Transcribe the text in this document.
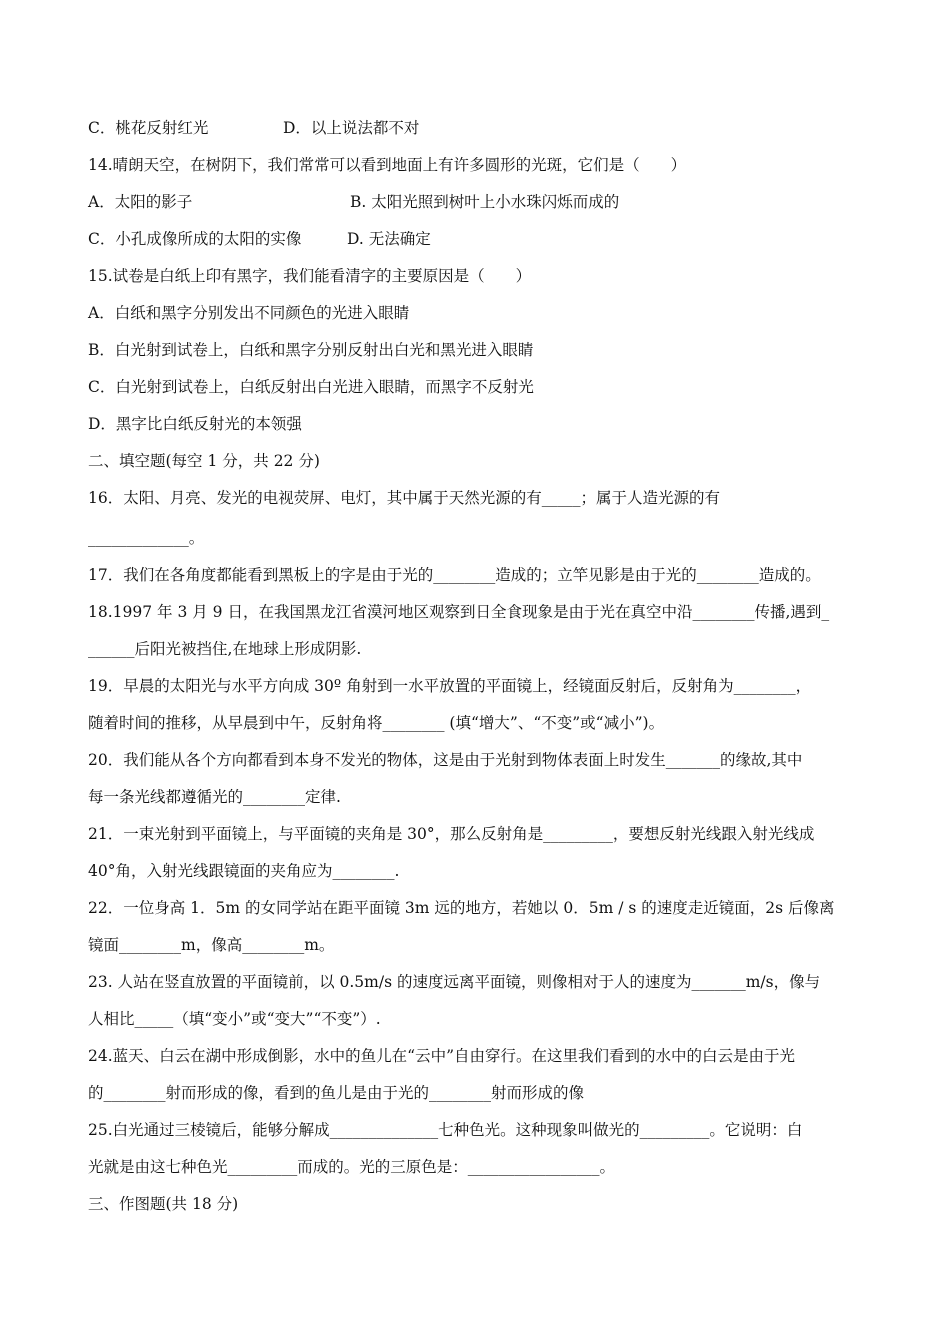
C．桃花反射红光	D．以上说法都不对
14.晴朗天空，在树阴下，我们常常可以看到地面上有许多圆形的光斑，它们是（　　）
A．太阳的影子	B. 太阳光照到树叶上小水珠闪烁而成的
C．小孔成像所成的太阳的实像	D. 无法确定
15.试卷是白纸上印有黑字，我们能看清字的主要原因是（　　）
A．白纸和黑字分别发出不同颜色的光进入眼睛
B．白光射到试卷上，白纸和黑字分别反射出白光和黑光进入眼睛
C．白光射到试卷上，白纸反射出白光进入眼睛，而黑字不反射光
D．黑字比白纸反射光的本领强
二、填空题(每空 1 分，共 22 分)
16．太阳、月亮、发光的电视荧屏、电灯，其中属于天然光源的有_____；属于人造光源的有
_____________。
17．我们在各角度都能看到黑板上的字是由于光的________造成的；立竿见影是由于光的________造成的。
18.1997 年 3 月 9 日，在我国黑龙江省漠河地区观察到日全食现象是由于光在真空中沿________传播,遇到_
______后阳光被挡住,在地球上形成阴影.
19．早晨的太阳光与水平方向成 30º 角射到一水平放置的平面镜上，经镜面反射后，反射角为________，
随着时间的推移，从早晨到中午，反射角将________ (填“增大”、“不变”或“减小”)。
20．我们能从各个方向都看到本身不发光的物体，这是由于光射到物体表面上时发生_______的缘故,其中
每一条光线都遵循光的________定律.
21．一束光射到平面镜上，与平面镜的夹角是 30°，那么反射角是_________，要想反射光线跟入射光线成
40°角，入射光线跟镜面的夹角应为________.
22．一位身高 1．5m 的女同学站在距平面镜 3m 远的地方，若她以 0．5m / s 的速度走近镜面，2s 后像离
镜面________m，像高________m。
23. 人站在竖直放置的平面镜前，以 0.5m/s 的速度远离平面镜，则像相对于人的速度为_______m/s，像与
人相比_____（填“变小”或“变大”“不变”）.
24.蓝天、白云在湖中形成倒影，水中的鱼儿在“云中”自由穿行。在这里我们看到的水中的白云是由于光
的________射而形成的像，看到的鱼儿是由于光的________射而形成的像
25.白光通过三棱镜后，能够分解成______________七种色光。这种现象叫做光的_________。它说明：白
光就是由这七种色光_________而成的。光的三原色是：_________________。
三、作图题(共 18 分)
